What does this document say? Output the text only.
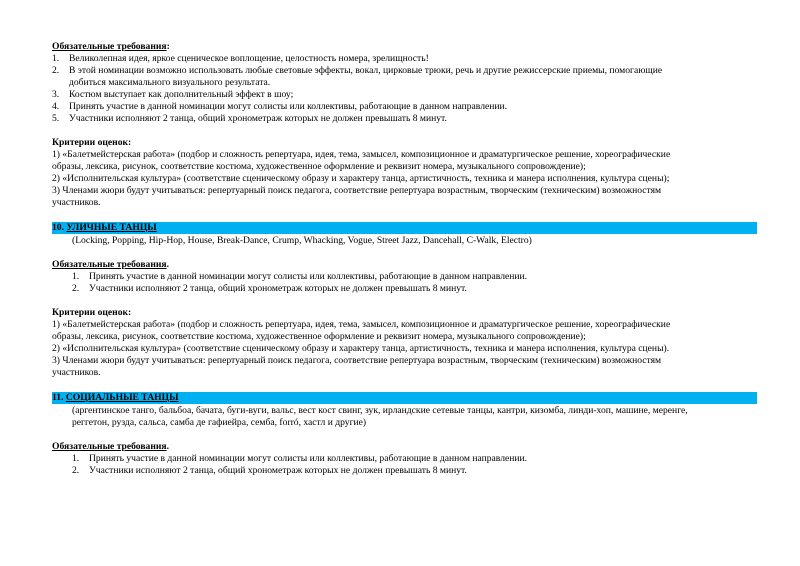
Обязательные требования:
1. Великолепная идея, яркое сценическое воплощение, целостность номера, зрелищность!
2. В этой номинации возможно использовать любые световые эффекты, вокал, цирковые трюки, речь и другие режиссерские приемы, помогающие
добиться максимального визуального результата.
3. Костюм выступает как дополнительный эффект в шоу;
4. Принять участие в данной номинации могут солисты или коллективы, работающие в данном направлении.
5. Участники исполняют 2 танца, общий хронометраж которых не должен превышать 8 минут.
Критерии оценок:
1) «Балетмейстерская работа» (подбор и сложность репертуара, идея, тема, замысел, композиционное и драматургическое решение, хореографические
образы, лексика, рисунок, соответствие костюма, художественное оформление и реквизит номера, музыкального сопровождение);
2) «Исполнительская культура» (соответствие сценическому образу и характеру танца, артистичность, техника и манера исполнения, культура сцены);
3) Членами жюри будут учитываться: репертуарный поиск педагога, соответствие репертуара возрастным, творческим (техническим) возможностям
участников.
10. УЛИЧНЫЕ ТАНЦЫ
(Locking, Popping, Hip-Hop, House, Break-Dance, Crump, Whacking, Vogue, Street Jazz, Dancehall, C-Walk, Electro)
Обязательные требования.
1. Принять участие в данной номинации могут солисты или коллективы, работающие в данном направлении.
2. Участники исполняют 2 танца, общий хронометраж которых не должен превышать 8 минут.
Критерии оценок:
1) «Балетмейстерская работа» (подбор и сложность репертуара, идея, тема, замысел, композиционное и драматургическое решение, хореографические
образы, лексика, рисунок, соответствие костюма, художественное оформление и реквизит номера, музыкального сопровождение);
2) «Исполнительская культура» (соответствие сценическому образу и характеру танца, артистичность, техника и манера исполнения, культура сцены).
3) Членами жюри будут учитываться: репертуарный поиск педагога, соответствие репертуара возрастным, творческим (техническим) возможностям
участников.
11. СОЦИАЛЬНЫЕ ТАНЦЫ
(аргентинское танго, бальбоа, бачата, буги-вуги, вальс, вест кост свинг, зук, ирландские сетевые танцы, кантри, кизомба, линди-хоп, машине, меренге,
реггетон, рузда, сальса, самба де гафиейра, семба, forró, хастл и другие)
Обязательные требования.
1. Принять участие в данной номинации могут солисты или коллективы, работающие в данном направлении.
2. Участники исполняют 2 танца, общий хронометраж которых не должен превышать 8 минут.
